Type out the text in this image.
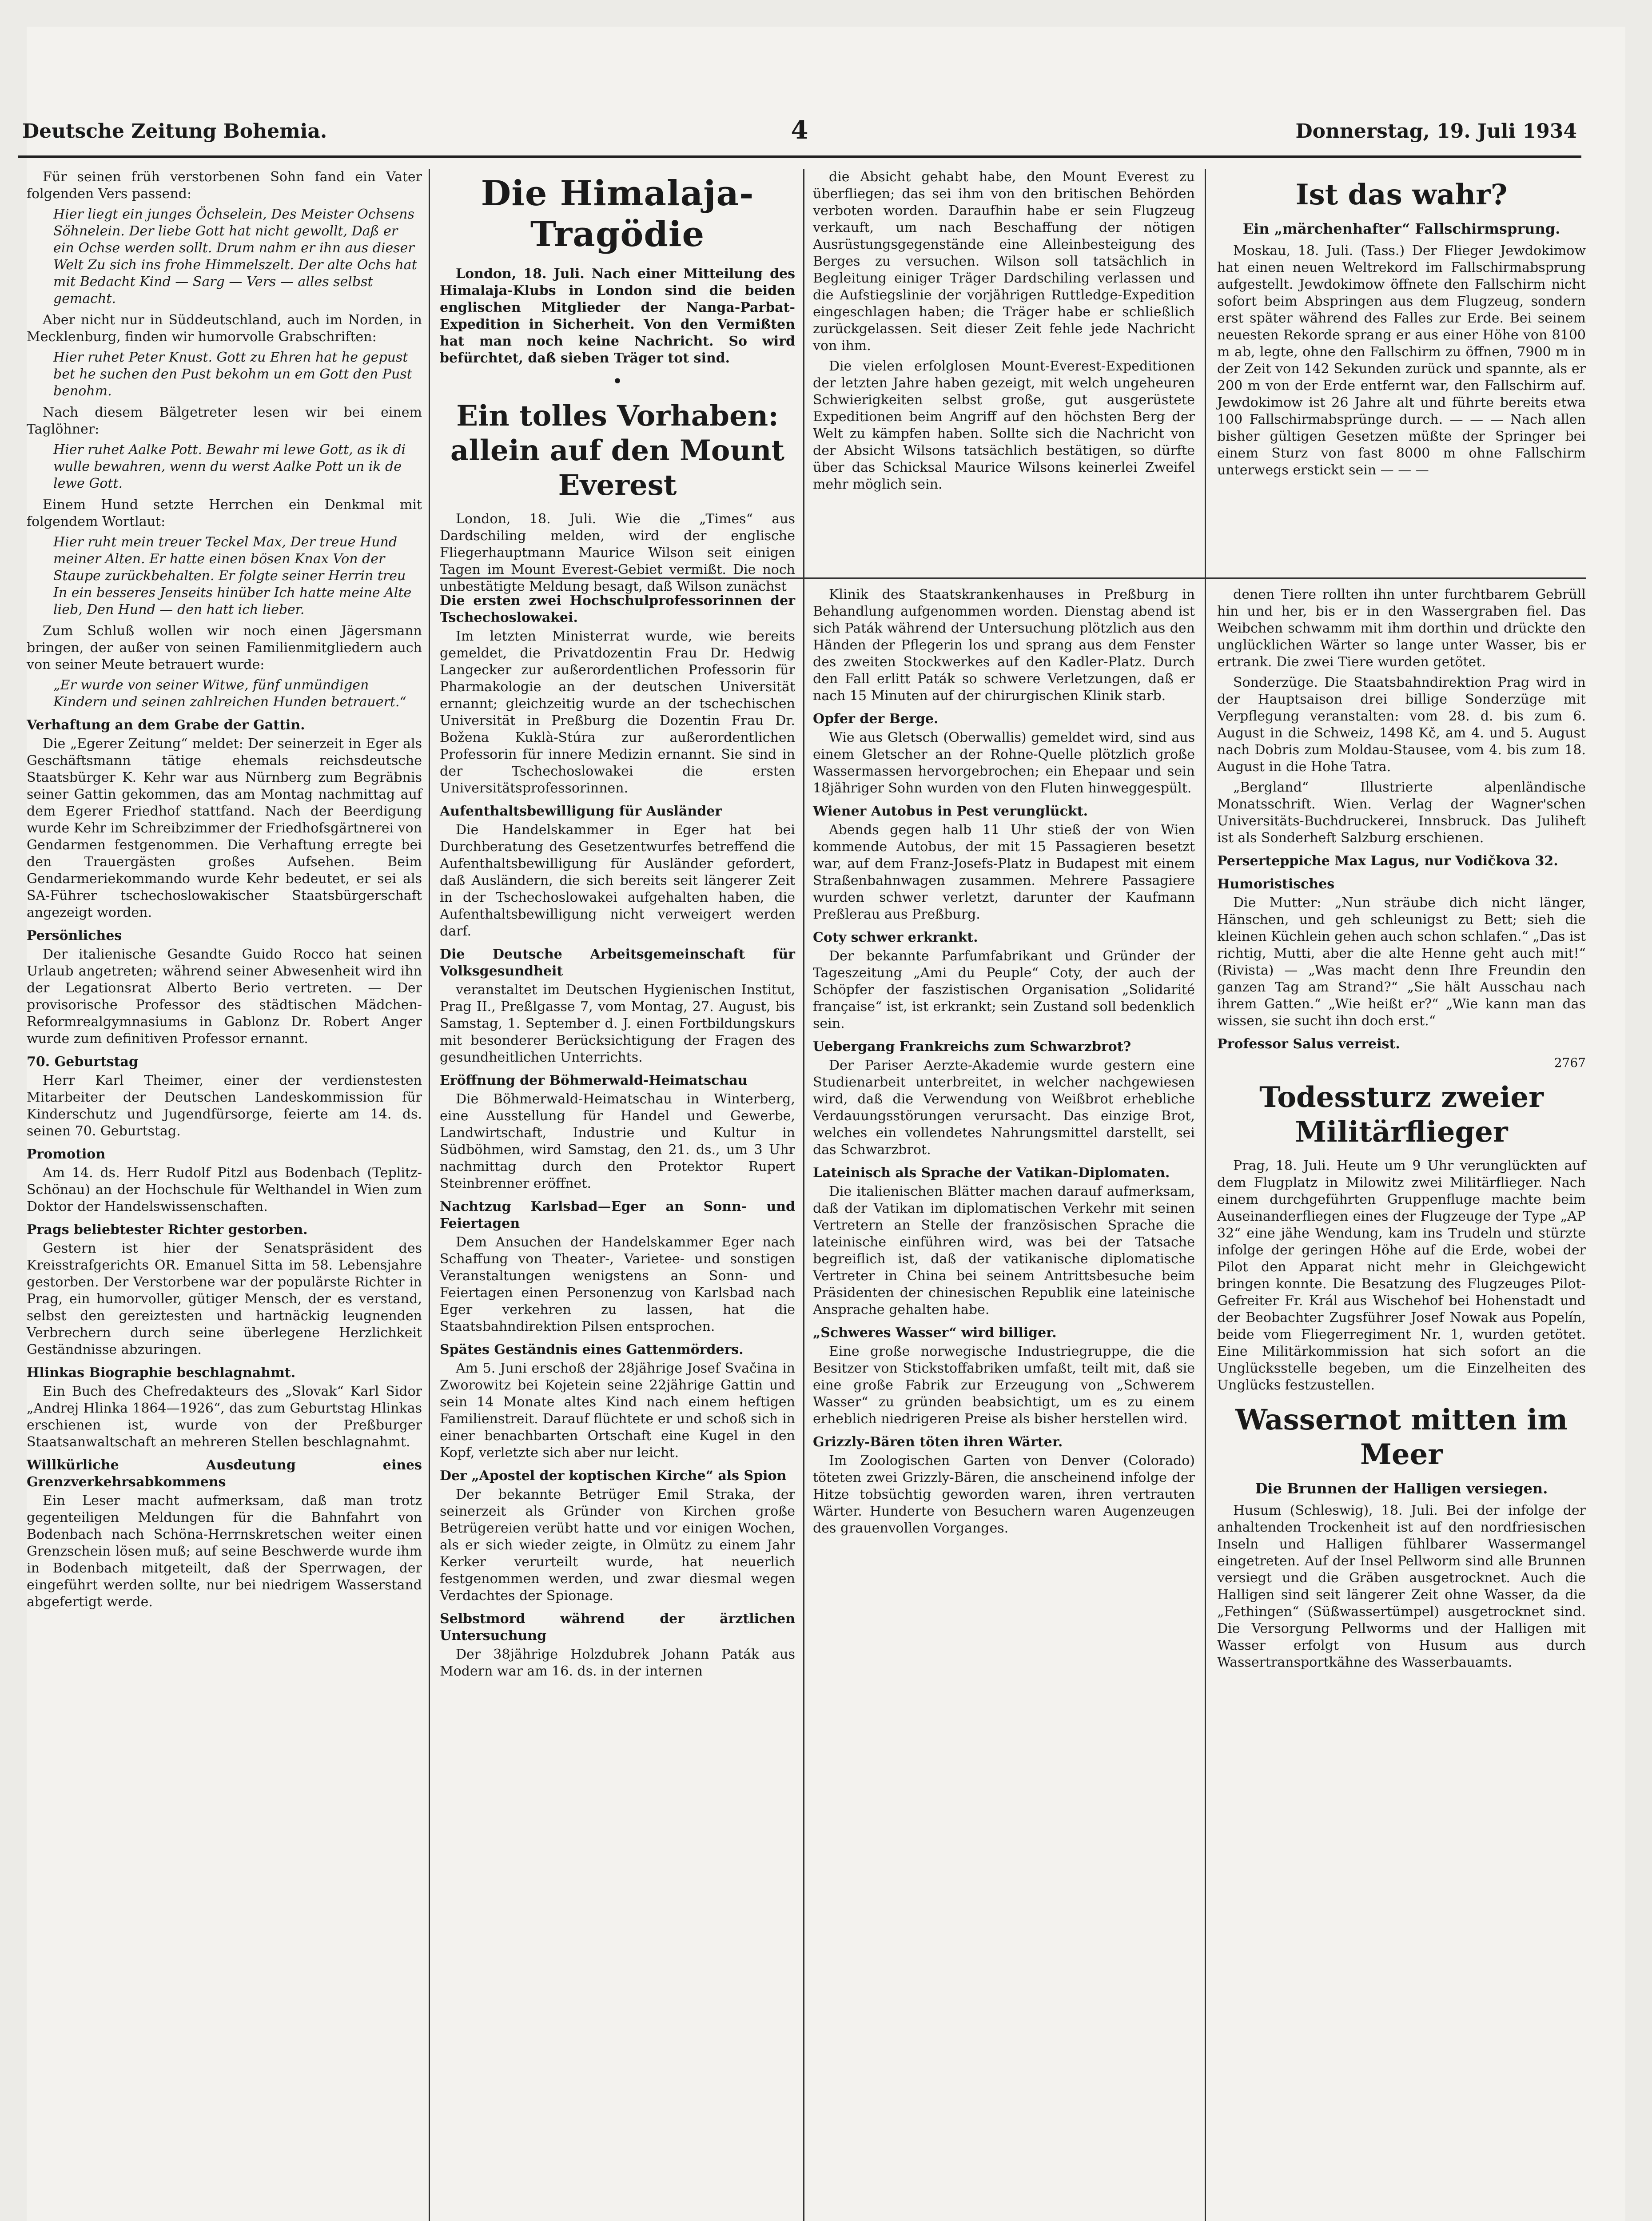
Deutsche Zeitung Bohemia.	4	Donnerstag, 19. Juli 1934

Für seinen früh verstorbenen Sohn fand ein Vater folgenden Vers passend:

Hier liegt ein junges Öchselein, Des Meister Ochsens Söhnelein. Der liebe Gott hat nicht gewollt, Daß er ein Ochse werden sollt. Drum nahm er ihn aus dieser Welt Zu sich ins frohe Himmelszelt. Der alte Ochs hat mit Bedacht Kind — Sarg — Vers — alles selbst gemacht.

Aber nicht nur in Süddeutschland, auch im Norden, in Mecklenburg, finden wir humorvolle Grabschriften:

Hier ruhet Peter Knust. Gott zu Ehren hat he gepust bet he suchen den Pust bekohm un em Gott den Pust benohm.

Nach diesem Bälgetreter lesen wir bei einem Taglöhner:

Hier ruhet Aalke Pott. Bewahr mi lewe Gott, as ik di wulle bewahren, wenn du werst Aalke Pott un ik de lewe Gott.

Einem Hund setzte Herrchen ein Denkmal mit folgendem Wortlaut:

Hier ruht mein treuer Teckel Max, Der treue Hund meiner Alten. Er hatte einen bösen Knax Von der Staupe zurückbehalten. Er folgte seiner Herrin treu In ein besseres Jenseits hinüber Ich hatte meine Alte lieb, Den Hund — den hatt ich lieber.

Zum Schluß wollen wir noch einen Jägersmann bringen, der außer von seinen Familienmitgliedern auch von seiner Meute betrauert wurde:

„Er wurde von seiner Witwe, fünf unmündigen Kindern und seinen zahlreichen Hunden betrauert.“

Verhaftung an dem Grabe der Gattin.

Die „Egerer Zeitung“ meldet: Der seinerzeit in Eger als Geschäftsmann tätige ehemals reichsdeutsche Staatsbürger K. Kehr war aus Nürnberg zum Begräbnis seiner Gattin gekommen, das am Montag nachmittag auf dem Egerer Friedhof stattfand. Nach der Beerdigung wurde Kehr im Schreibzimmer der Friedhofsgärtnerei von Gendarmen festgenommen. Die Verhaftung erregte bei den Trauergästen großes Aufsehen. Beim Gendarmeriekommando wurde Kehr bedeutet, er sei als SA-Führer tschechoslowakischer Staatsbürgerschaft angezeigt worden.

Persönliches

Der italienische Gesandte Guido Rocco hat seinen Urlaub angetreten; während seiner Abwesenheit wird ihn der Legationsrat Alberto Berio vertreten. — Der provisorische Professor des städtischen Mädchen-Reformrealgymnasiums in Gablonz Dr. Robert Anger wurde zum definitiven Professor ernannt.

70. Geburtstag

Herr Karl Theimer, einer der verdienstesten Mitarbeiter der Deutschen Landeskommission für Kinderschutz und Jugendfürsorge, feierte am 14. ds. seinen 70. Geburtstag.

Promotion

Am 14. ds. Herr Rudolf Pitzl aus Bodenbach (Teplitz-Schönau) an der Hochschule für Welthandel in Wien zum Doktor der Handelswissenschaften.

Prags beliebtester Richter gestorben.

Gestern ist hier der Senatspräsident des Kreisstrafgerichts OR. Emanuel Sitta im 58. Lebensjahre gestorben. Der Verstorbene war der populärste Richter in Prag, ein humorvoller, gütiger Mensch, der es verstand, selbst den gereiztesten und hartnäckig leugnenden Verbrechern durch seine überlegene Herzlichkeit Geständnisse abzuringen.

Hlinkas Biographie beschlagnahmt.

Ein Buch des Chefredakteurs des „Slovak“ Karl Sidor „Andrej Hlinka 1864—1926“, das zum Geburtstag Hlinkas erschienen ist, wurde von der Preßburger Staatsanwaltschaft an mehreren Stellen beschlagnahmt.

Willkürliche Ausdeutung eines Grenzverkehrsabkommens

Ein Leser macht aufmerksam, daß man trotz gegenteiligen Meldungen für die Bahnfahrt von Bodenbach nach Schöna-Herrnskretschen weiter einen Grenzschein lösen muß; auf seine Beschwerde wurde ihm in Bodenbach mitgeteilt, daß der Sperrwagen, der eingeführt werden sollte, nur bei niedrigem Wasserstand abgefertigt werde.

Die Himalaja-Tragödie

London, 18. Juli. Nach einer Mitteilung des Himalaja-Klubs in London sind die beiden englischen Mitglieder der Nanga-Parbat-Expedition in Sicherheit. Von den Vermißten hat man noch keine Nachricht. So wird befürchtet, daß sieben Träger tot sind.

•
Ein tolles Vorhaben: allein auf den Mount Everest

London, 18. Juli. Wie die „Times“ aus Dardschiling melden, wird der englische Fliegerhauptmann Maurice Wilson seit einigen Tagen im Mount Everest-Gebiet vermißt. Die noch unbestätigte Meldung besagt, daß Wilson zunächst

die Absicht gehabt habe, den Mount Everest zu überfliegen; das sei ihm von den britischen Behörden verboten worden. Daraufhin habe er sein Flugzeug verkauft, um nach Beschaffung der nötigen Ausrüstungsgegenstände eine Alleinbesteigung des Berges zu versuchen. Wilson soll tatsächlich in Begleitung einiger Träger Dardschiling verlassen und die Aufstiegslinie der vorjährigen Ruttledge-Expedition eingeschlagen haben; die Träger habe er schließlich zurückgelassen. Seit dieser Zeit fehle jede Nachricht von ihm.

Die vielen erfolglosen Mount-Everest-Expeditionen der letzten Jahre haben gezeigt, mit welch ungeheuren Schwierigkeiten selbst große, gut ausgerüstete Expeditionen beim Angriff auf den höchsten Berg der Welt zu kämpfen haben. Sollte sich die Nachricht von der Absicht Wilsons tatsächlich bestätigen, so dürfte über das Schicksal Maurice Wilsons keinerlei Zweifel mehr möglich sein.

Ist das wahr?
Ein „märchenhafter“ Fallschirmsprung.

Moskau, 18. Juli. (Tass.) Der Flieger Jewdokimow hat einen neuen Weltrekord im Fallschirmabsprung aufgestellt. Jewdokimow öffnete den Fallschirm nicht sofort beim Abspringen aus dem Flugzeug, sondern erst später während des Falles zur Erde. Bei seinem neuesten Rekorde sprang er aus einer Höhe von 8100 m ab, legte, ohne den Fallschirm zu öffnen, 7900 m in der Zeit von 142 Sekunden zurück und spannte, als er 200 m von der Erde entfernt war, den Fallschirm auf. Jewdokimow ist 26 Jahre alt und führte bereits etwa 100 Fallschirmabsprünge durch. — — — Nach allen bisher gültigen Gesetzen müßte der Springer bei einem Sturz von fast 8000 m ohne Fallschirm unterwegs erstickt sein — — —

Die ersten zwei Hochschulprofessorinnen der Tschechoslowakei.

Im letzten Ministerrat wurde, wie bereits gemeldet, die Privatdozentin Frau Dr. Hedwig Langecker zur außerordentlichen Professorin für Pharmakologie an der deutschen Universität ernannt; gleichzeitig wurde an der tschechischen Universität in Preßburg die Dozentin Frau Dr. Božena Kuklà-Stúra zur außerordentlichen Professorin für innere Medizin ernannt. Sie sind in der Tschechoslowakei die ersten Universitätsprofessorinnen.

Aufenthaltsbewilligung für Ausländer

Die Handelskammer in Eger hat bei Durchberatung des Gesetzentwurfes betreffend die Aufenthaltsbewilligung für Ausländer gefordert, daß Ausländern, die sich bereits seit längerer Zeit in der Tschechoslowakei aufgehalten haben, die Aufenthaltsbewilligung nicht verweigert werden darf.

Die Deutsche Arbeitsgemeinschaft für Volksgesundheit

veranstaltet im Deutschen Hygienischen Institut, Prag II., Preßlgasse 7, vom Montag, 27. August, bis Samstag, 1. September d. J. einen Fortbildungskurs mit besonderer Berücksichtigung der Fragen des gesundheitlichen Unterrichts.

Eröffnung der Böhmerwald-Heimatschau

Die Böhmerwald-Heimatschau in Winterberg, eine Ausstellung für Handel und Gewerbe, Landwirtschaft, Industrie und Kultur in Südböhmen, wird Samstag, den 21. ds., um 3 Uhr nachmittag durch den Protektor Rupert Steinbrenner eröffnet.

Nachtzug Karlsbad—Eger an Sonn- und Feiertagen

Dem Ansuchen der Handelskammer Eger nach Schaffung von Theater-, Varietee- und sonstigen Veranstaltungen wenigstens an Sonn- und Feiertagen einen Personenzug von Karlsbad nach Eger verkehren zu lassen, hat die Staatsbahndirektion Pilsen entsprochen.

Spätes Geständnis eines Gattenmörders.

Am 5. Juni erschoß der 28jährige Josef Svačina in Zworowitz bei Kojetein seine 22jährige Gattin und sein 14 Monate altes Kind nach einem heftigen Familienstreit. Darauf flüchtete er und schoß sich in einer benachbarten Ortschaft eine Kugel in den Kopf, verletzte sich aber nur leicht.

Der „Apostel der koptischen Kirche“ als Spion

Der bekannte Betrüger Emil Straka, der seinerzeit als Gründer von Kirchen große Betrügereien verübt hatte und vor einigen Wochen, als er sich wieder zeigte, in Olmütz zu einem Jahr Kerker verurteilt wurde, hat neuerlich festgenommen werden, und zwar diesmal wegen Verdachtes der Spionage.

Selbstmord während der ärztlichen Untersuchung

Der 38jährige Holzdubrek Johann Paták aus Modern war am 16. ds. in der internen

Klinik des Staatskrankenhauses in Preßburg in Behandlung aufgenommen worden. Dienstag abend ist sich Paták während der Untersuchung plötzlich aus den Händen der Pflegerin los und sprang aus dem Fenster des zweiten Stockwerkes auf den Kadler-Platz. Durch den Fall erlitt Paták so schwere Verletzungen, daß er nach 15 Minuten auf der chirurgischen Klinik starb.

Opfer der Berge.

Wie aus Gletsch (Oberwallis) gemeldet wird, sind aus einem Gletscher an der Rohne-Quelle plötzlich große Wassermassen hervorgebrochen; ein Ehepaar und sein 18jähriger Sohn wurden von den Fluten hinweggespült.

Wiener Autobus in Pest verunglückt.

Abends gegen halb 11 Uhr stieß der von Wien kommende Autobus, der mit 15 Passagieren besetzt war, auf dem Franz-Josefs-Platz in Budapest mit einem Straßenbahnwagen zusammen. Mehrere Passagiere wurden schwer verletzt, darunter der Kaufmann Preßlerau aus Preßburg.

Coty schwer erkrankt.

Der bekannte Parfumfabrikant und Gründer der Tageszeitung „Ami du Peuple“ Coty, der auch der Schöpfer der faszistischen Organisation „Solidarité française“ ist, ist erkrankt; sein Zustand soll bedenklich sein.

Uebergang Frankreichs zum Schwarzbrot?

Der Pariser Aerzte-Akademie wurde gestern eine Studienarbeit unterbreitet, in welcher nachgewiesen wird, daß die Verwendung von Weißbrot erhebliche Verdauungsstörungen verursacht. Das einzige Brot, welches ein vollendetes Nahrungsmittel darstellt, sei das Schwarzbrot.

Lateinisch als Sprache der Vatikan-Diplomaten.

Die italienischen Blätter machen darauf aufmerksam, daß der Vatikan im diplomatischen Verkehr mit seinen Vertretern an Stelle der französischen Sprache die lateinische einführen wird, was bei der Tatsache begreiflich ist, daß der vatikanische diplomatische Vertreter in China bei seinem Antrittsbesuche beim Präsidenten der chinesischen Republik eine lateinische Ansprache gehalten habe.

„Schweres Wasser“ wird billiger.

Eine große norwegische Industriegruppe, die die Besitzer von Stickstoffabriken umfaßt, teilt mit, daß sie eine große Fabrik zur Erzeugung von „Schwerem Wasser“ zu gründen beabsichtigt, um es zu einem erheblich niedrigeren Preise als bisher herstellen wird.

Grizzly-Bären töten ihren Wärter.

Im Zoologischen Garten von Denver (Colorado) töteten zwei Grizzly-Bären, die anscheinend infolge der Hitze tobsüchtig geworden waren, ihren vertrauten Wärter. Hunderte von Besuchern waren Augenzeugen des grauenvollen Vorganges.

denen Tiere rollten ihn unter furchtbarem Gebrüll hin und her, bis er in den Wassergraben fiel. Das Weibchen schwamm mit ihm dorthin und drückte den unglücklichen Wärter so lange unter Wasser, bis er ertrank. Die zwei Tiere wurden getötet.

Sonderzüge. Die Staatsbahndirektion Prag wird in der Hauptsaison drei billige Sonderzüge mit Verpflegung veranstalten: vom 28. d. bis zum 6. August in die Schweiz, 1498 Kč, am 4. und 5. August nach Dobris zum Moldau-Stausee, vom 4. bis zum 18. August in die Hohe Tatra.

„Bergland“ Illustrierte alpenländische Monatsschrift. Wien. Verlag der Wagner'schen Universitäts-Buchdruckerei, Innsbruck. Das Juliheft ist als Sonderheft Salzburg erschienen.

Perserteppiche Max Lagus, nur Vodičkova 32.
Humoristisches

Die Mutter: „Nun sträube dich nicht länger, Hänschen, und geh schleunigst zu Bett; sieh die kleinen Küchlein gehen auch schon schlafen.“ „Das ist richtig, Mutti, aber die alte Henne geht auch mit!“ (Rivista) — „Was macht denn Ihre Freundin den ganzen Tag am Strand?“ „Sie hält Ausschau nach ihrem Gatten.“ „Wie heißt er?“ „Wie kann man das wissen, sie sucht ihn doch erst.“

Professor Salus verreist.
2767
Todessturz zweier Militärflieger

Prag, 18. Juli. Heute um 9 Uhr verunglückten auf dem Flugplatz in Milowitz zwei Militärflieger. Nach einem durchgeführten Gruppenfluge machte beim Auseinanderfliegen eines der Flugzeuge der Type „AP 32“ eine jähe Wendung, kam ins Trudeln und stürzte infolge der geringen Höhe auf die Erde, wobei der Pilot den Apparat nicht mehr in Gleichgewicht bringen konnte. Die Besatzung des Flugzeuges Pilot-Gefreiter Fr. Král aus Wischehof bei Hohenstadt und der Beobachter Zugsführer Josef Nowak aus Popelín, beide vom Fliegerregiment Nr. 1, wurden getötet. Eine Militärkommission hat sich sofort an die Unglücksstelle begeben, um die Einzelheiten des Unglücks festzustellen.

Wassernot mitten im Meer
Die Brunnen der Halligen versiegen.

Husum (Schleswig), 18. Juli. Bei der infolge der anhaltenden Trockenheit ist auf den nordfriesischen Inseln und Halligen fühlbarer Wassermangel eingetreten. Auf der Insel Pellworm sind alle Brunnen versiegt und die Gräben ausgetrocknet. Auch die Halligen sind seit längerer Zeit ohne Wasser, da die „Fethingen“ (Süßwassertümpel) ausgetrocknet sind. Die Versorgung Pellworms und der Halligen mit Wasser erfolgt von Husum aus durch Wassertransportkähne des Wasserbauamts.
